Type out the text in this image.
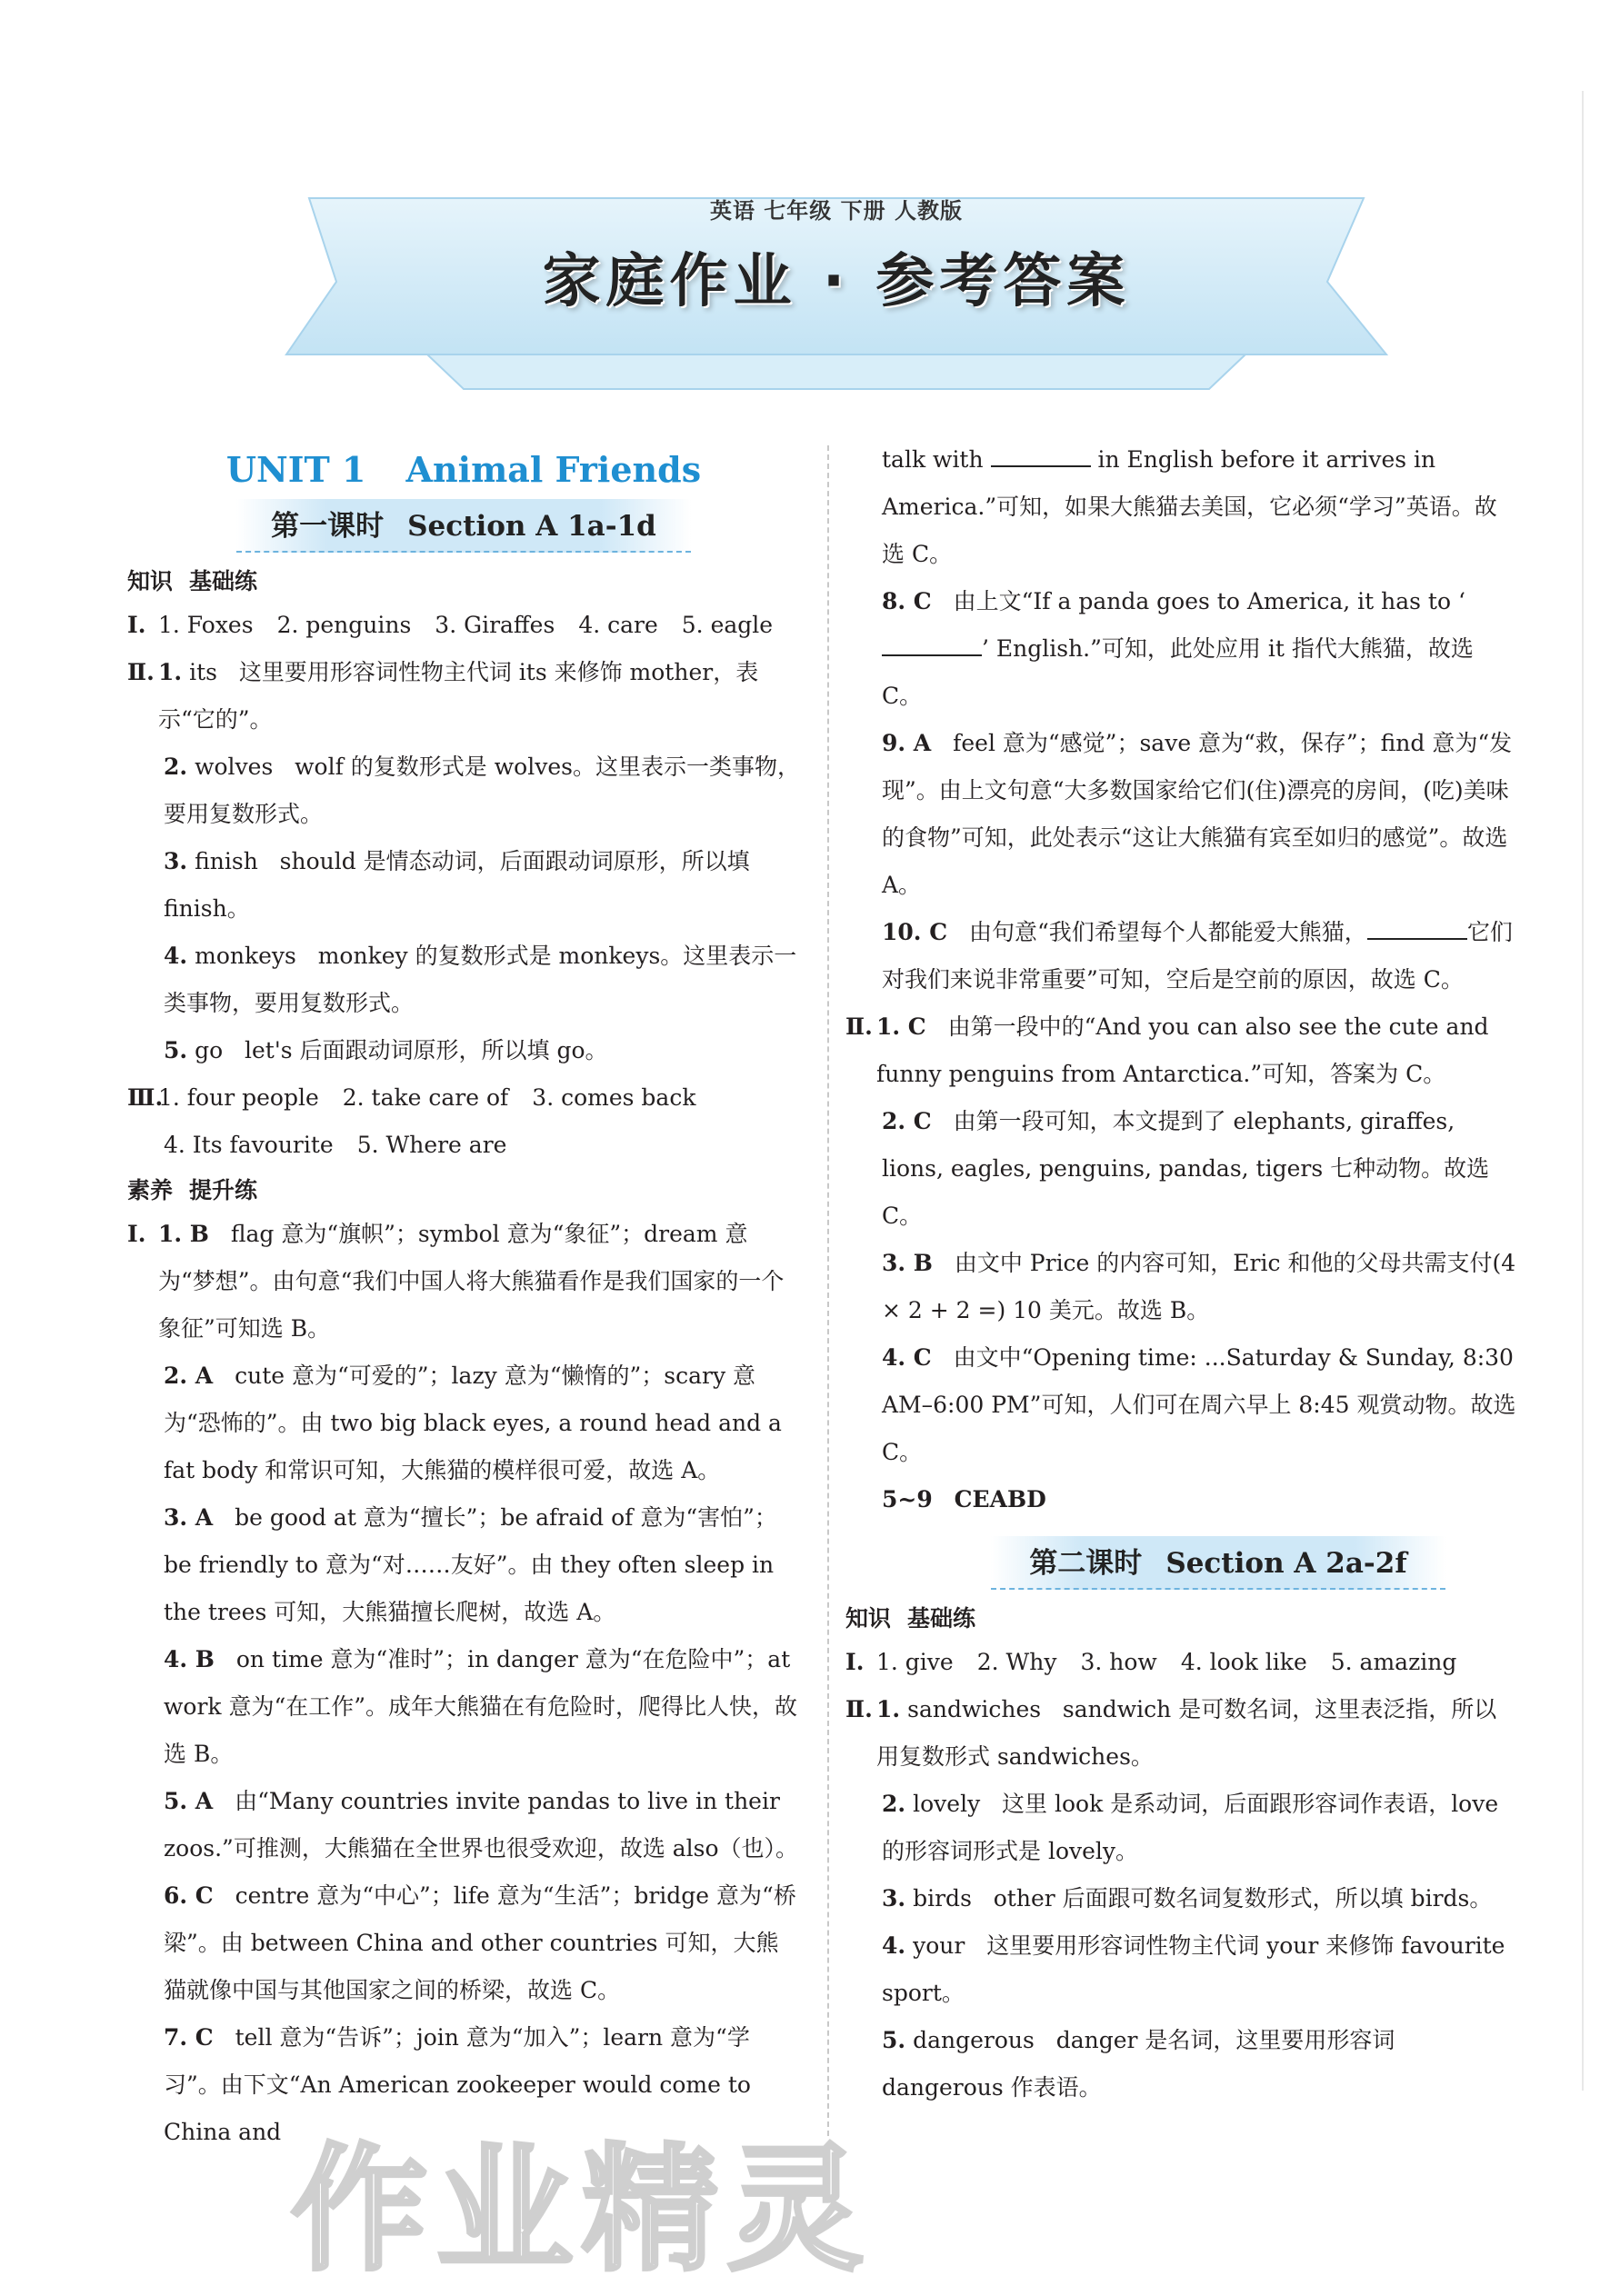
英语 七年级 下册 人教版
家庭作业 · 参考答案
UNIT 1 Animal Friends
第一课时 Section A 1a-1d
知识 基础练
Ⅰ. 1. Foxes 2. penguins 3. Giraffes 4. care 5. eagle
Ⅱ. 1. its 这里要用形容词性物主代词 its 来修饰 mother，表示“它的”。
2. wolves wolf 的复数形式是 wolves。这里表示一类事物，要用复数形式。
3. finish should 是情态动词，后面跟动词原形，所以填 finish。
4. monkeys monkey 的复数形式是 monkeys。这里表示一类事物，要用复数形式。
5. go let's 后面跟动词原形，所以填 go。
Ⅲ.
1. four people 2. take care of 3. comes back
4. Its favourite 5. Where are
素养 提升练
Ⅰ. 1. B flag 意为“旗帜”；symbol 意为“象征”；dream 意为“梦想”。由句意“我们中国人将大熊猫看作是我们国家的一个象征”可知选 B。
2. A cute 意为“可爱的”；lazy 意为“懒惰的”；scary 意为“恐怖的”。由 two big black eyes, a round head and a fat body 和常识可知，大熊猫的模样很可爱，故选 A。
3. A be good at 意为“擅长”；be afraid of 意为“害怕”；be friendly to 意为“对……友好”。由 they often sleep in the trees 可知，大熊猫擅长爬树，故选 A。
4. B on time 意为“准时”；in danger 意为“在危险中”；at work 意为“在工作”。成年大熊猫在有危险时，爬得比人快，故选 B。
5. A 由“Many countries invite pandas to live in their zoos.”可推测，大熊猫在全世界也很受欢迎，故选 also（也）。
6. C centre 意为“中心”；life 意为“生活”；bridge 意为“桥梁”。由 between China and other countries 可知，大熊猫就像中国与其他国家之间的桥梁，故选 C。
7. C tell 意为“告诉”；join 意为“加入”；learn 意为“学习”。由下文“An American zookeeper would come to China and
talk with	in English before it arrives in America.”可知，如果大熊猫去美国，它必须“学习”英语。故选 C。
8. C 由上文“If a panda goes to America, it has to ‘’ English.”可知，此处应用 it 指代大熊猫，故选 C。
9. A feel 意为“感觉”；save 意为“救，保存”；find 意为“发现”。由上文句意“大多数国家给它们(住)漂亮的房间，(吃)美味的食物”可知，此处表示“这让大熊猫有宾至如归的感觉”。故选 A。
10. C 由句意“我们希望每个人都能爱大熊猫，	它们对我们来说非常重要”可知，空后是空前的原因，故选 C。
Ⅱ. 1. C 由第一段中的“And you can also see the cute and funny penguins from Antarctica.”可知，答案为 C。
2. C 由第一段可知，本文提到了 elephants, giraffes, lions, eagles, penguins, pandas, tigers 七种动物。故选 C。
3. B 由文中 Price 的内容可知，Eric 和他的父母共需支付(4 × 2 + 2 =) 10 美元。故选 B。
4. C 由文中“Opening time: ...Saturday & Sunday, 8:30 AM–6:00 PM”可知，人们可在周六早上 8:45 观赏动物。故选 C。
5~9 CEABD
第二课时 Section A 2a-2f
知识 基础练
Ⅰ. 1. give 2. Why 3. how 4. look like 5. amazing
Ⅱ. 1. sandwiches sandwich 是可数名词，这里表泛指，所以用复数形式 sandwiches。
2. lovely 这里 look 是系动词，后面跟形容词作表语，love 的形容词形式是 lovely。
3. birds other 后面跟可数名词复数形式，所以填 birds。
4. your 这里要用形容词性物主代词 your 来修饰 favourite sport。
5. dangerous danger 是名词，这里要用形容词 dangerous 作表语。
作业精灵
